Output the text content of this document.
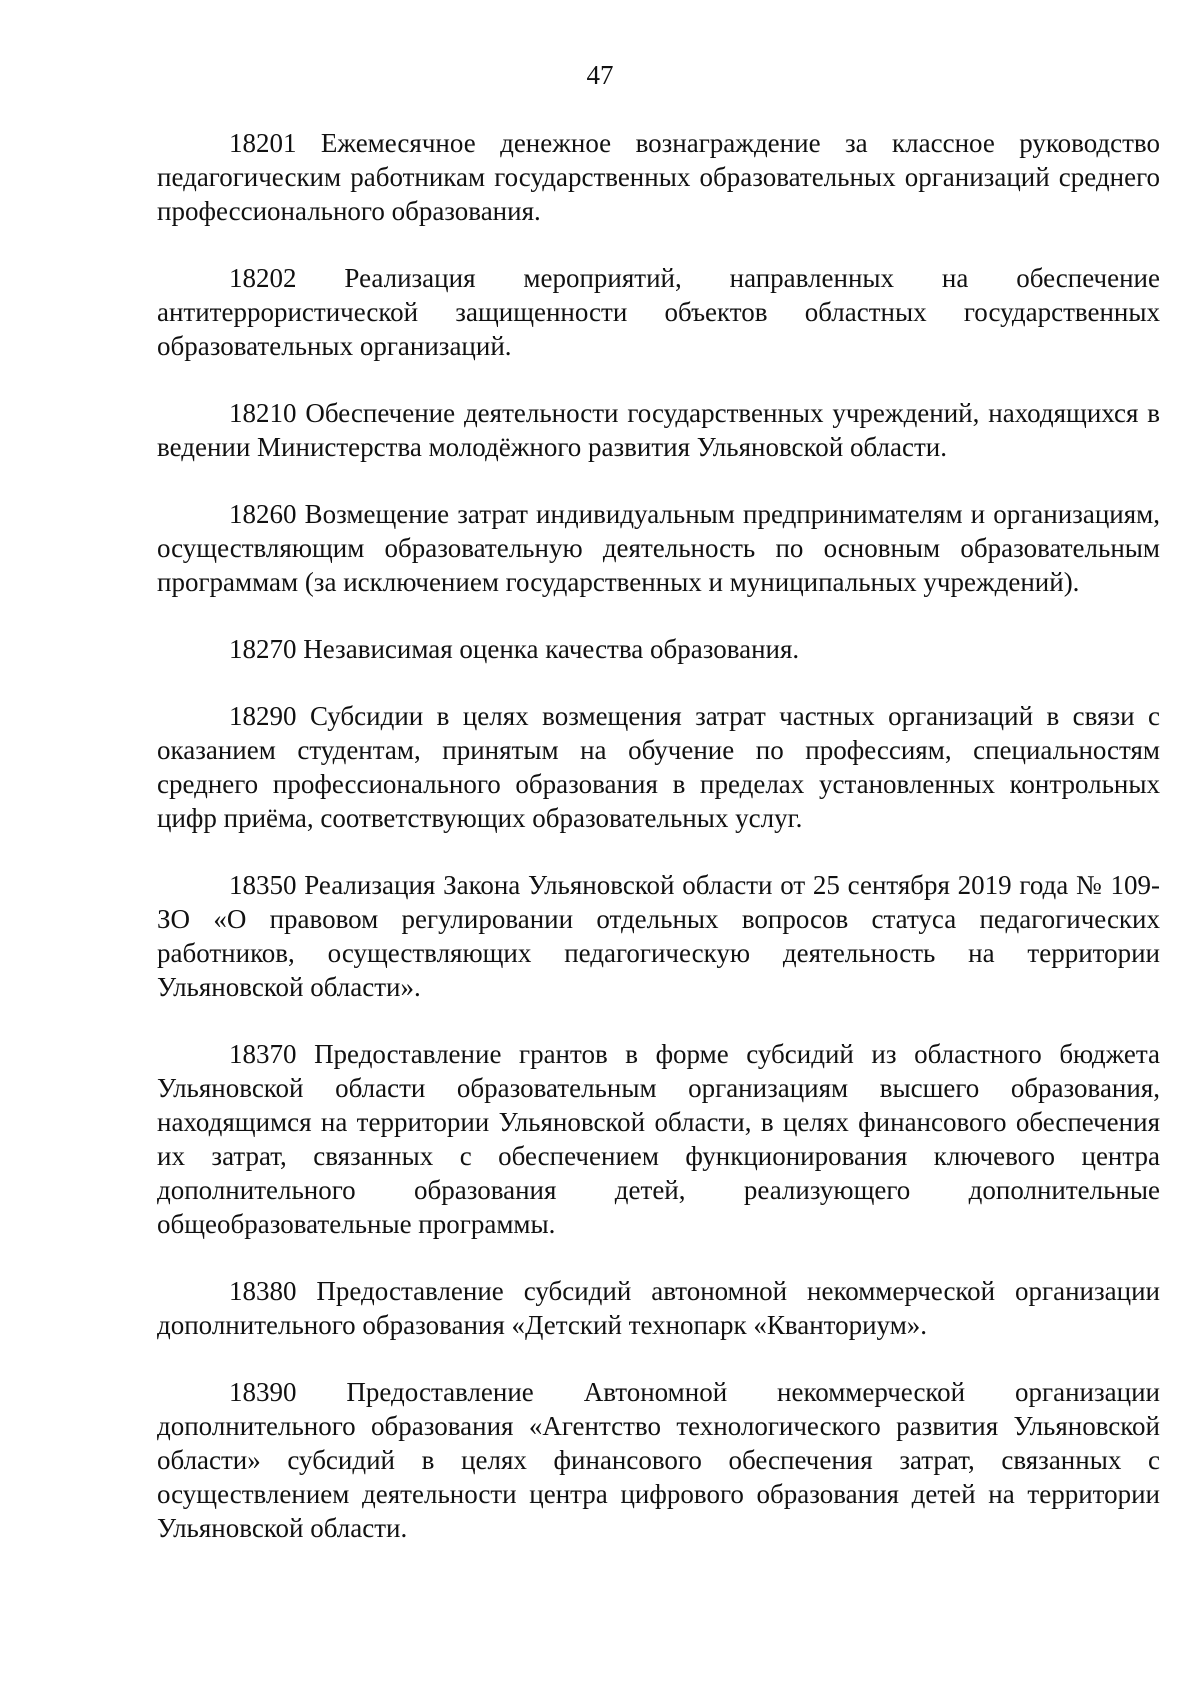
47

18201 Ежемесячное денежное вознаграждение за классное руководство педагогическим работникам государственных образовательных организаций среднего профессионального образования.

18202 Реализация мероприятий, направленных на обеспечение антитеррористической защищенности объектов областных государственных образовательных организаций.

18210 Обеспечение деятельности государственных учреждений, находящихся в ведении Министерства молодёжного развития Ульяновской области.

18260 Возмещение затрат индивидуальным предпринимателям и организациям, осуществляющим образовательную деятельность по основным образовательным программам (за исключением государственных и муниципальных учреждений).

18270 Независимая оценка качества образования.

18290 Субсидии в целях возмещения затрат частных организаций в связи с оказанием студентам, принятым на обучение по профессиям, специальностям среднего профессионального образования в пределах установленных контрольных цифр приёма, соответствующих образовательных услуг.

18350 Реализация Закона Ульяновской области от 25 сентября 2019 года № 109-ЗО «О правовом регулировании отдельных вопросов статуса педагогических работников, осуществляющих педагогическую деятельность на территории Ульяновской области».

18370 Предоставление грантов в форме субсидий из областного бюджета Ульяновской области образовательным организациям высшего образования, находящимся на территории Ульяновской области, в целях финансового обеспечения их затрат, связанных с обеспечением функционирования ключевого центра дополнительного образования детей, реализующего дополнительные общеобразовательные программы.

18380 Предоставление субсидий автономной некоммерческой организации дополнительного образования «Детский технопарк «Кванториум».

18390 Предоставление Автономной некоммерческой организации дополнительного образования «Агентство технологического развития Ульяновской области» субсидий в целях финансового обеспечения затрат, связанных с осуществлением деятельности центра цифрового образования детей на территории Ульяновской области.
